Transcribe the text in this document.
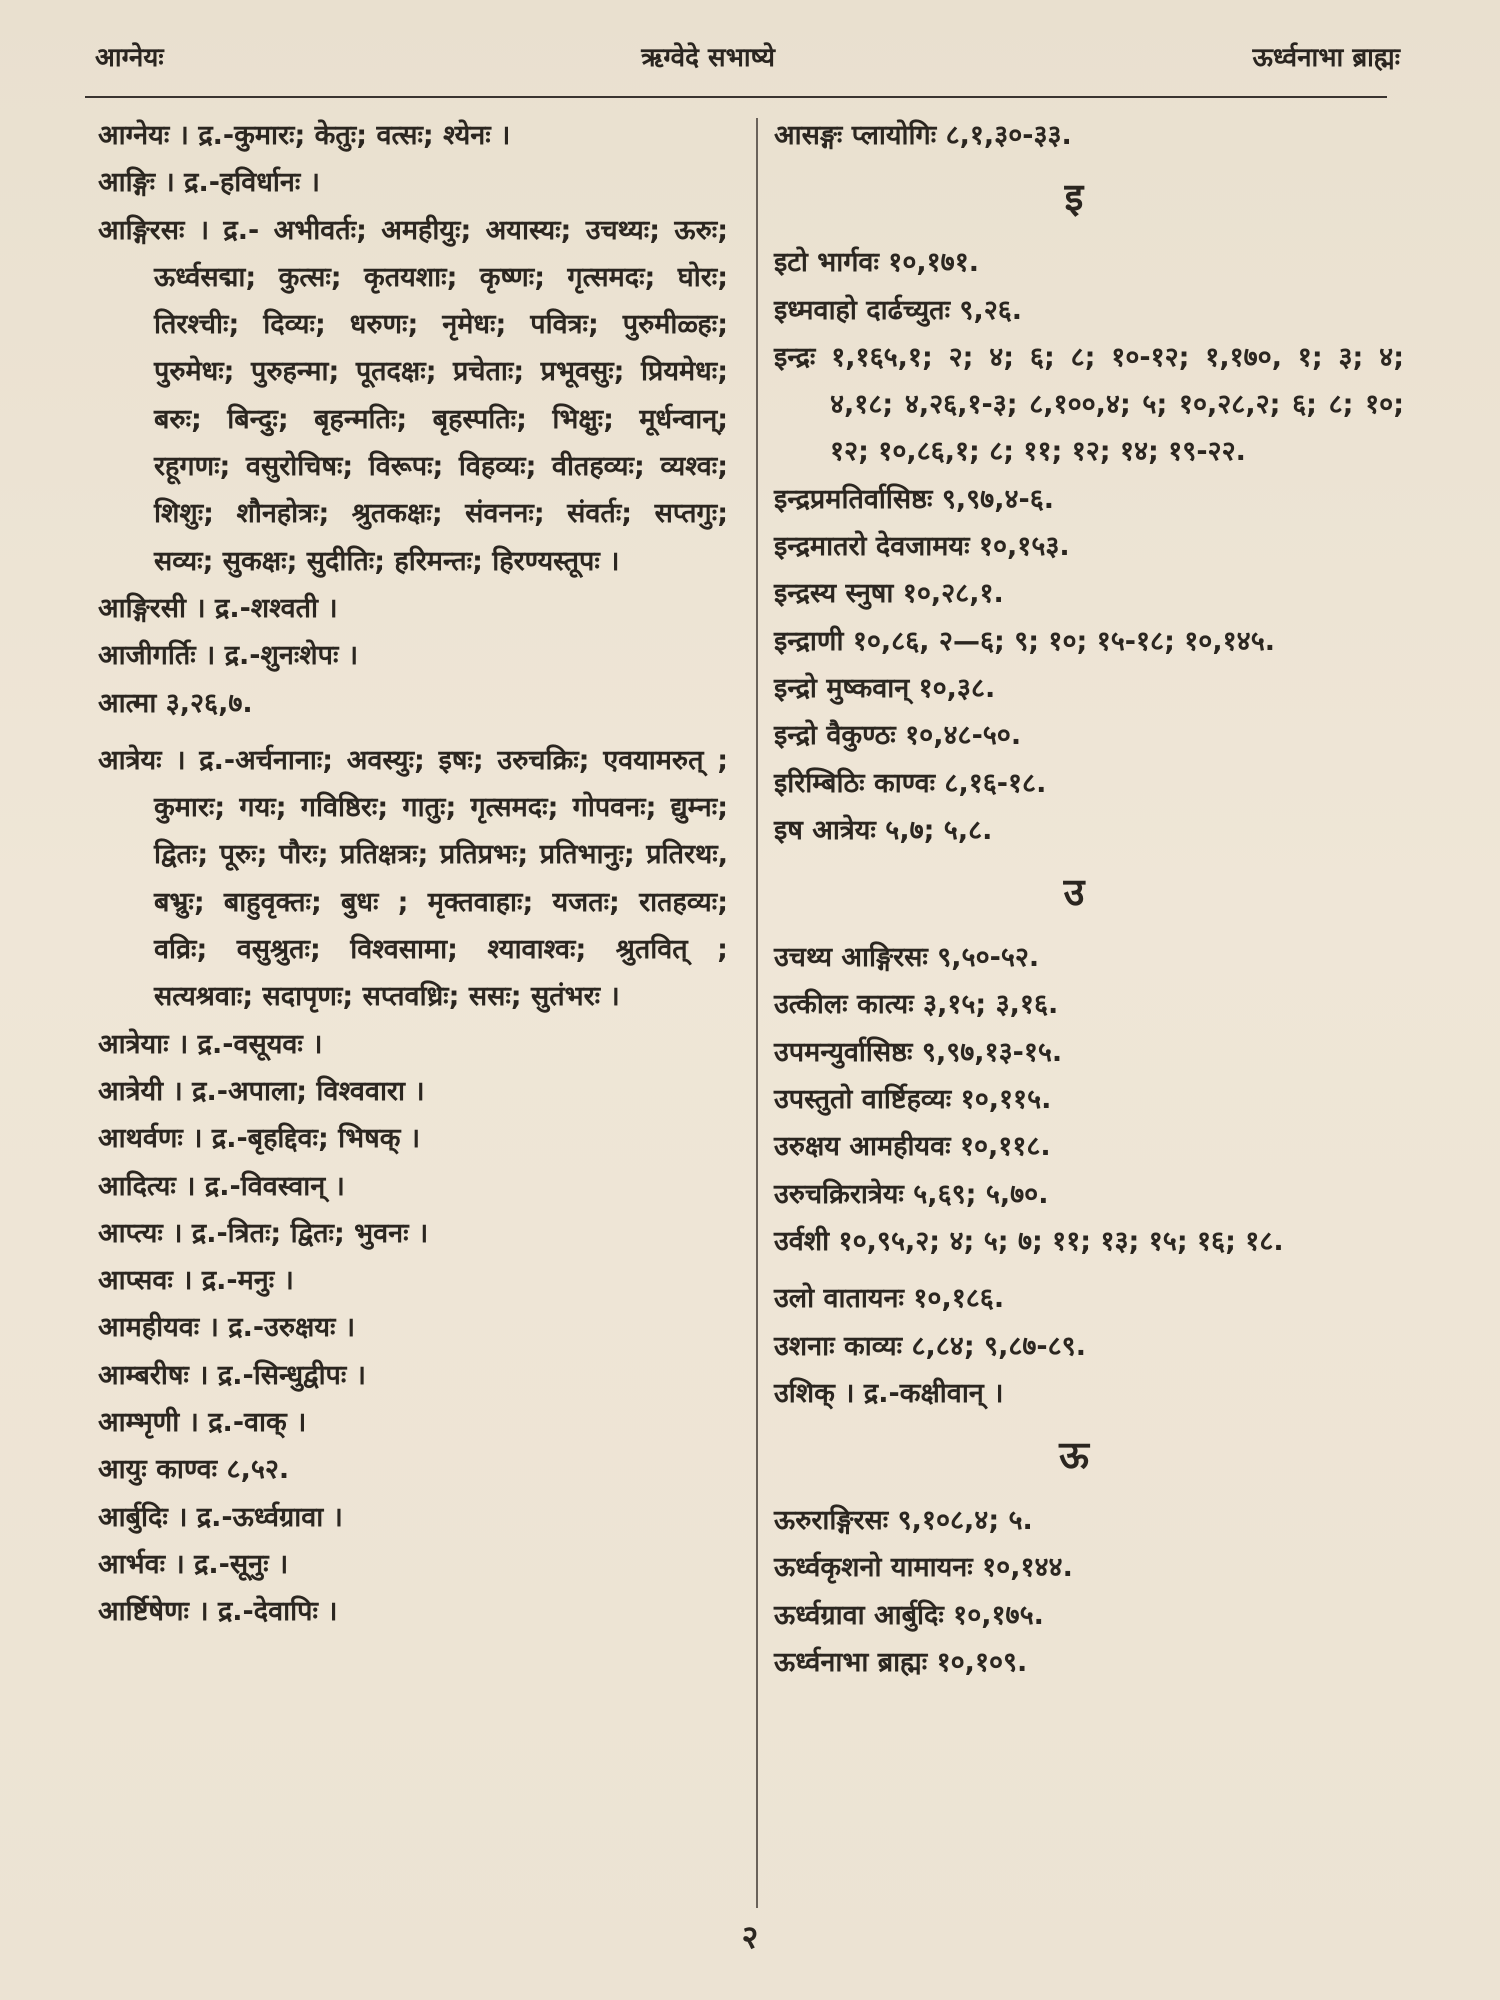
आग्नेयः	ऋग्वेदे सभाष्ये	ऊर्ध्वनाभा ब्राह्मः

आग्नेयः । द्र.-कुमारः; केतुः; वत्सः; श्येनः ।

आङ्गिः । द्र.-हविर्धानः ।

आङ्गिरसः । द्र.- अभीवर्तः; अमहीयुः; अयास्यः; उचथ्यः; ऊरुः; ऊर्ध्वसद्मा; कुत्सः; कृतयशाः; कृष्णः; गृत्समदः; घोरः; तिरश्चीः; दिव्यः; धरुणः; नृमेधः; पवित्रः; पुरुमीळ्हः; पुरुमेधः; पुरुहन्मा; पूतदक्षः; प्रचेताः; प्रभूवसुः; प्रियमेधः; बरुः; बिन्दुः; बृहन्मतिः; बृहस्पतिः; भिक्षुः; मूर्धन्वान्; रहूगणः; वसुरोचिषः; विरूपः; विहव्यः; वीतहव्यः; व्यश्वः; शिशुः; शौनहोत्रः; श्रुतकक्षः; संवननः; संवर्तः; सप्तगुः; सव्यः; सुकक्षः; सुदीतिः; हरिमन्तः; हिरण्यस्तूपः ।

आङ्गिरसी । द्र.-शश्वती ।

आजीगर्तिः । द्र.-शुनःशेपः ।

आत्मा ३,२६,७.

आत्रेयः । द्र.-अर्चनानाः; अवस्युः; इषः; उरुचक्रिः; एवयामरुत् ; कुमारः; गयः; गविष्ठिरः; गातुः; गृत्समदः; गोपवनः; द्युम्नः; द्वितः; पूरुः; पौरः; प्रतिक्षत्रः; प्रतिप्रभः; प्रतिभानुः; प्रतिरथः, बभ्रुः; बाहुवृक्तः; बुधः ; मृक्तवाहाः; यजतः; रातहव्यः; वव्रिः; वसुश्रुतः; विश्वसामा; श्यावाश्वः; श्रुतवित् ; सत्यश्रवाः; सदापृणः; सप्तवध्रिः; ससः; सुतंभरः ।

आत्रेयाः । द्र.-वसूयवः ।

आत्रेयी । द्र.-अपाला; विश्ववारा ।

आथर्वणः । द्र.-बृहद्दिवः; भिषक् ।

आदित्यः । द्र.-विवस्वान् ।

आप्त्यः । द्र.-त्रितः; द्वितः; भुवनः ।

आप्सवः । द्र.-मनुः ।

आमहीयवः । द्र.-उरुक्षयः ।

आम्बरीषः । द्र.-सिन्धुद्वीपः ।

आम्भृणी । द्र.-वाक् ।

आयुः काण्वः ८,५२.

आर्बुदिः । द्र.-ऊर्ध्वग्रावा ।

आर्भवः । द्र.-सूनुः ।

आर्ष्टिषेणः । द्र.-देवापिः ।

आसङ्गः प्लायोगिः ८,१,३०-३३.

इ

इटो भार्गवः १०,१७१.

इध्मवाहो दार्ढच्युतः ९,२६.

इन्द्रः १,१६५,१; २; ४; ६; ८; १०-१२; १,१७०, १; ३; ४; ४,१८; ४,२६,१-३; ८,१००,४; ५; १०,२८,२; ६; ८; १०; १२; १०,८६,१; ८; ११; १२; १४; १९-२२.

इन्द्रप्रमतिर्वासिष्ठः ९,९७,४-६.

इन्द्रमातरो देवजामयः १०,१५३.

इन्द्रस्य स्नुषा १०,२८,१.

इन्द्राणी १०,८६, २—६; ९; १०; १५-१८; १०,१४५.

इन्द्रो मुष्कवान् १०,३८.

इन्द्रो वैकुण्ठः १०,४८-५०.

इरिम्बिठिः काण्वः ८,१६-१८.

इष आत्रेयः ५,७; ५,८.

उ

उचथ्य आङ्गिरसः ९,५०-५२.

उत्कीलः कात्यः ३,१५; ३,१६.

उपमन्युर्वासिष्ठः ९,९७,१३-१५.

उपस्तुतो वार्ष्टिहव्यः १०,११५.

उरुक्षय आमहीयवः १०,११८.

उरुचक्रिरात्रेयः ५,६९; ५,७०.

उर्वशी १०,९५,२; ४; ५; ७; ११; १३; १५; १६; १८.

उलो वातायनः १०,१८६.

उशनाः काव्यः ८,८४; ९,८७-८९.

उशिक् । द्र.-कक्षीवान् ।

ऊ

ऊरुराङ्गिरसः ९,१०८,४; ५.

ऊर्ध्वकृशनो यामायनः १०,१४४.

ऊर्ध्वग्रावा आर्बुदिः १०,१७५.

ऊर्ध्वनाभा ब्राह्मः १०,१०९.

२
